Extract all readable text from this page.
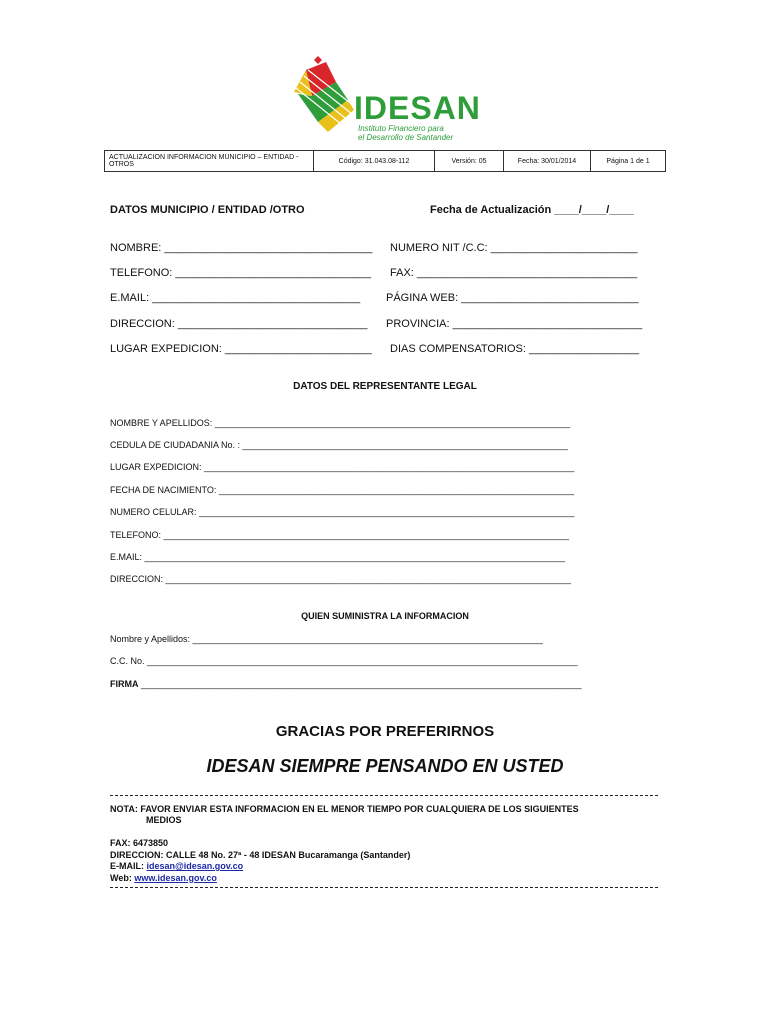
IDESAN
Instituto Financiero para
el Desarrollo de Santander
ACTUALIZACION INFORMACION MUNICIPIO – ENTIDAD - OTROS	Código: 31.043.08-112	Versión: 05	Fecha: 30/01/2014	Página 1 de 1
DATOS MUNICIPIO / ENTIDAD /OTRO	Fecha de Actualización ____/____/____
NOMBRE: __________________________________ NUMERO NIT /C.C: ________________________
TELEFONO: ________________________________ FAX: ____________________________________
E.MAIL: __________________________________ PÁGINA WEB: _____________________________
DIRECCION: _______________________________ PROVINCIA: _______________________________
LUGAR EXPEDICION: ________________________ DIAS COMPENSATORIOS: __________________
DATOS DEL REPRESENTANTE LEGAL
NOMBRE Y APELLIDOS: _______________________________________________________________________
CEDULA DE CIUDADANIA No. : _________________________________________________________________
LUGAR EXPEDICION: __________________________________________________________________________
FECHA DE NACIMIENTO: _______________________________________________________________________
NUMERO CELULAR: ___________________________________________________________________________
TELEFONO: _________________________________________________________________________________
E.MAIL: ____________________________________________________________________________________
DIRECCION: _________________________________________________________________________________
QUIEN SUMINISTRA LA INFORMACION
Nombre y Apellidos: ______________________________________________________________________
C.C. No. ______________________________________________________________________________________
FIRMA ________________________________________________________________________________________
GRACIAS POR PREFERIRNOS
IDESAN SIEMPRE PENSANDO EN USTED
NOTA: FAVOR ENVIAR ESTA INFORMACION EN EL MENOR TIEMPO POR CUALQUIERA DE LOS SIGUIENTES
MEDIOS
FAX: 6473850
DIRECCION: CALLE 48 No. 27ª - 48 IDESAN Bucaramanga (Santander)
E-MAIL: idesan@idesan.gov.co
Web: www.idesan.gov.co
